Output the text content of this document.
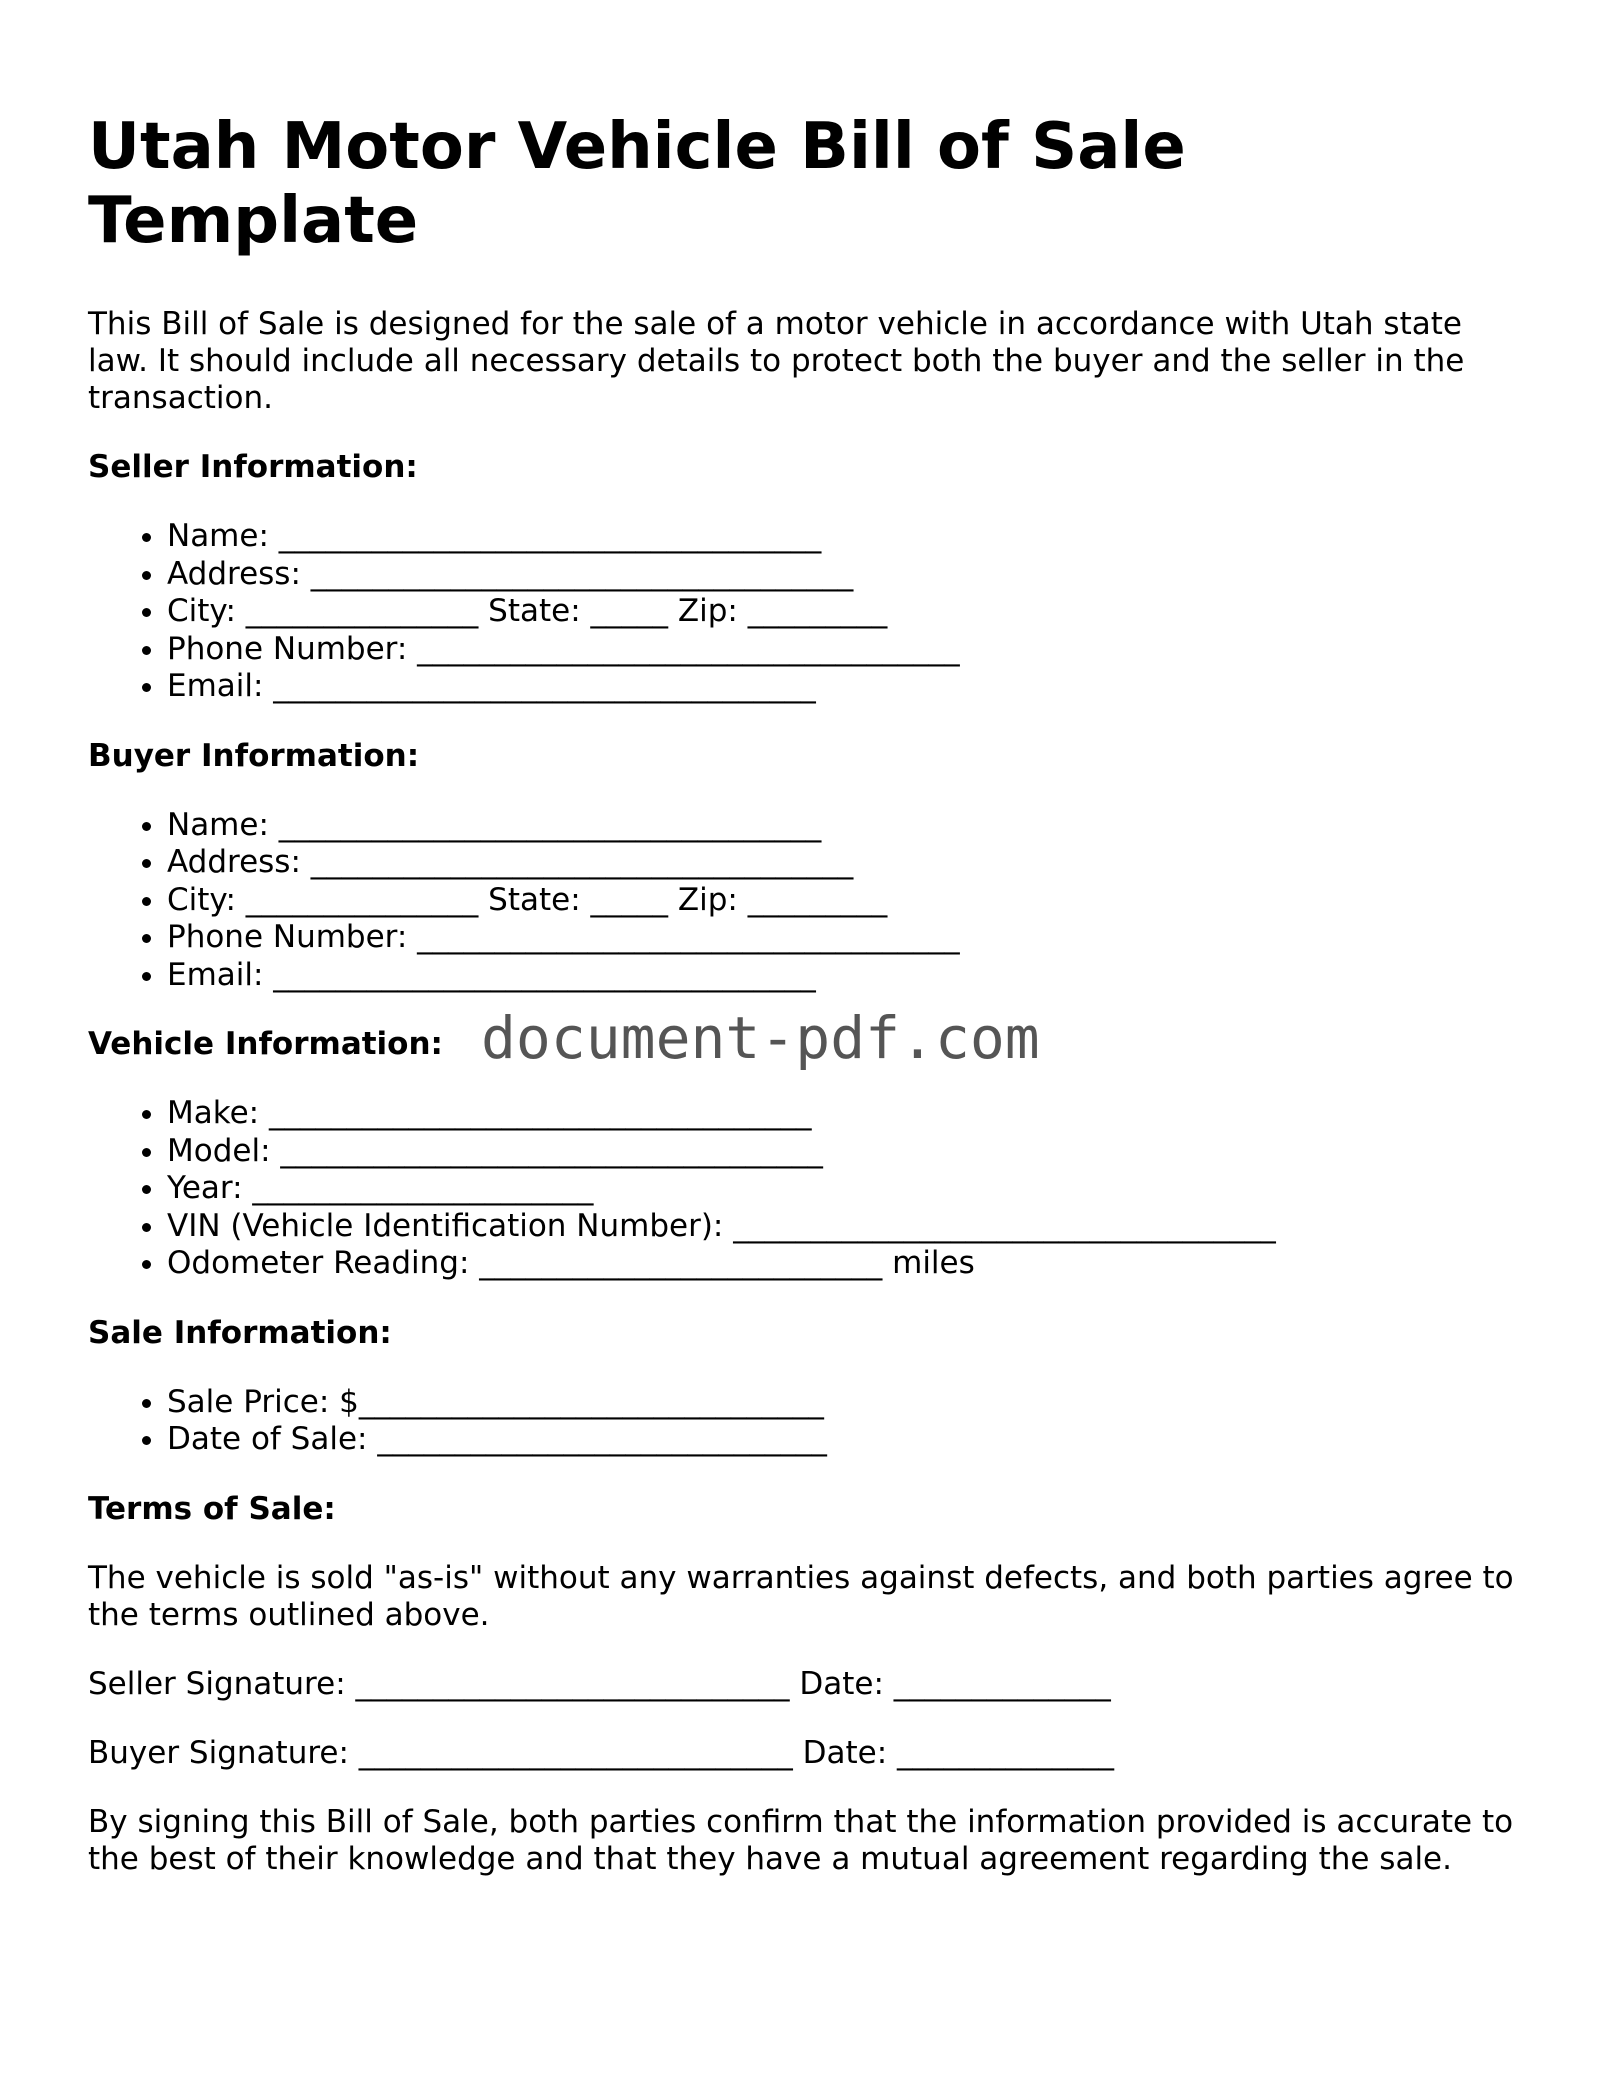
Utah Motor Vehicle Bill of Sale Template

This Bill of Sale is designed for the sale of a motor vehicle in accordance with Utah state law. It should include all necessary details to protect both the buyer and the seller in the transaction.

Seller Information:
• Name: ___________________________________
• Address: ___________________________________
• City: _______________ State: _____ Zip: _________
• Phone Number: ___________________________________
• Email: ___________________________________
Buyer Information:
• Name: ___________________________________
• Address: ___________________________________
• City: _______________ State: _____ Zip: _________
• Phone Number: ___________________________________
• Email: ___________________________________
Vehicle Information: document-pdf.com
• Make: ___________________________________
• Model: ___________________________________
• Year: ______________________
• VIN (Vehicle Identification Number): ___________________________________
• Odometer Reading: __________________________ miles
Sale Information:
• Sale Price: $______________________________
• Date of Sale: _____________________________
Terms of Sale:

The vehicle is sold "as-is" without any warranties against defects, and both parties agree to the terms outlined above.

Seller Signature: ____________________________ Date: ______________
Buyer Signature: ____________________________ Date: ______________

By signing this Bill of Sale, both parties confirm that the information provided is accurate to the best of their knowledge and that they have a mutual agreement regarding the sale.
